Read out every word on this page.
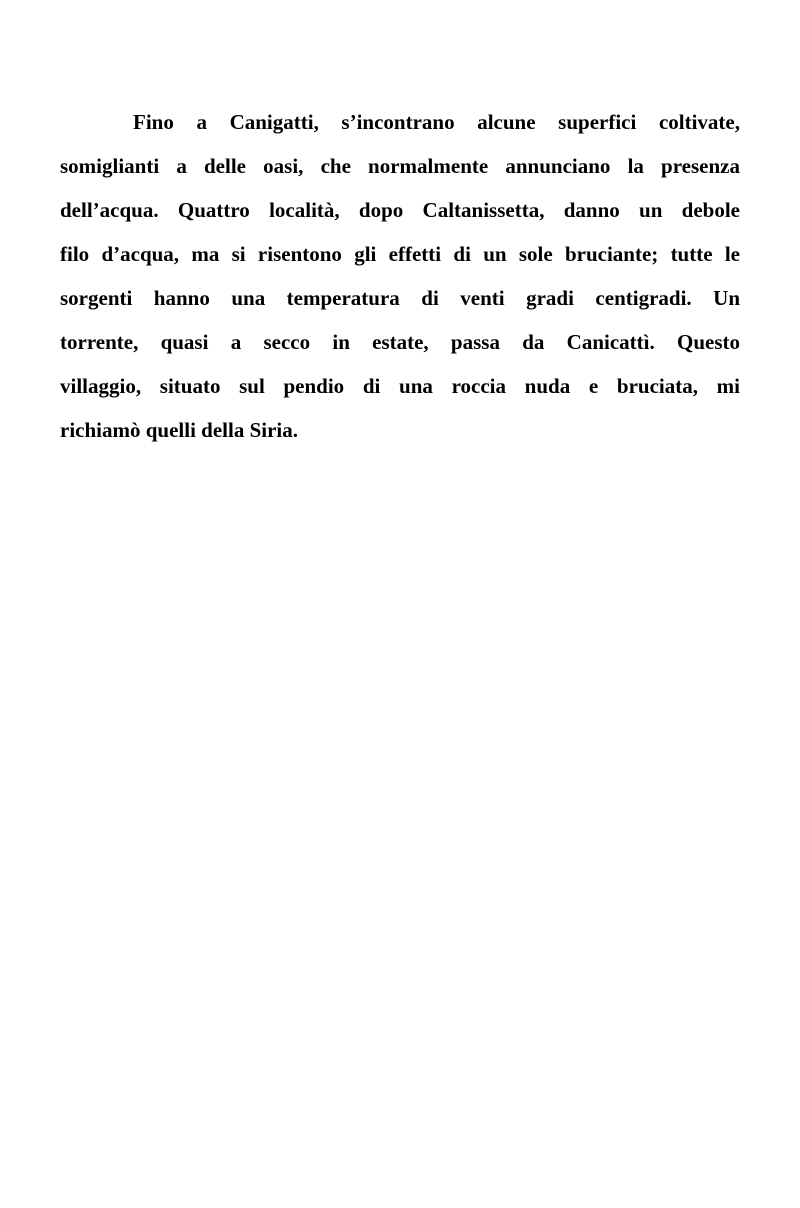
Fino a Canigatti, s’incontrano alcune superfici coltivate,
somiglianti a delle oasi, che normalmente annunciano la presenza
dell’acqua. Quattro località, dopo Caltanissetta, danno un debole
filo d’acqua, ma si risentono gli effetti di un sole bruciante; tutte le
sorgenti hanno una temperatura di venti gradi centigradi. Un
torrente, quasi a secco in estate, passa da Canicattì. Questo
villaggio, situato sul pendio di una roccia nuda e bruciata, mi
richiamò quelli della Siria.
